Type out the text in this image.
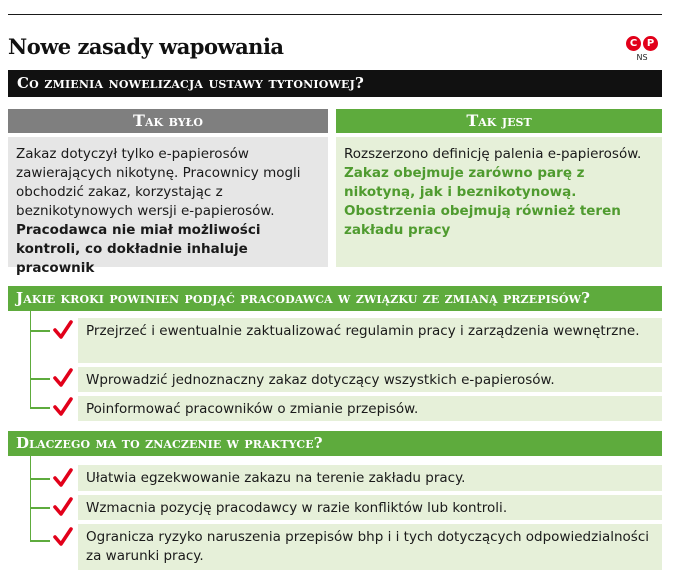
Nowe zasady wapowania	C P
NS
Co zmienia nowelizacja ustawy tytoniowej?
Tak było
Zakaz dotyczył tylko e-papierosów zawierających nikotynę. Pracownicy mogli obchodzić zakaz, korzystając z beznikotynowych wersji e-papierosów. Pracodawca nie miał możliwości kontroli, co dokładnie inhaluje pracownik
Tak jest
Rozszerzono definicję palenia e-papierosów. Zakaz obejmuje zarówno parę z nikotyną, jak i beznikotynową. Obostrzenia obejmują również teren zakładu pracy
Jakie kroki powinien podjąć pracodawca w związku ze zmianą przepisów?
Przejrzeć i ewentualnie zaktualizować regulamin pracy i zarządzenia wewnętrzne.
Wprowadzić jednoznaczny zakaz dotyczący wszystkich e-papierosów.
Poinformować pracowników o zmianie przepisów.
Dlaczego ma to znaczenie w praktyce?
Ułatwia egzekwowanie zakazu na terenie zakładu pracy.
Wzmacnia pozycję pracodawcy w razie konfliktów lub kontroli.
Ogranicza ryzyko naruszenia przepisów bhp i i tych dotyczących odpowiedzialności za warunki pracy.
